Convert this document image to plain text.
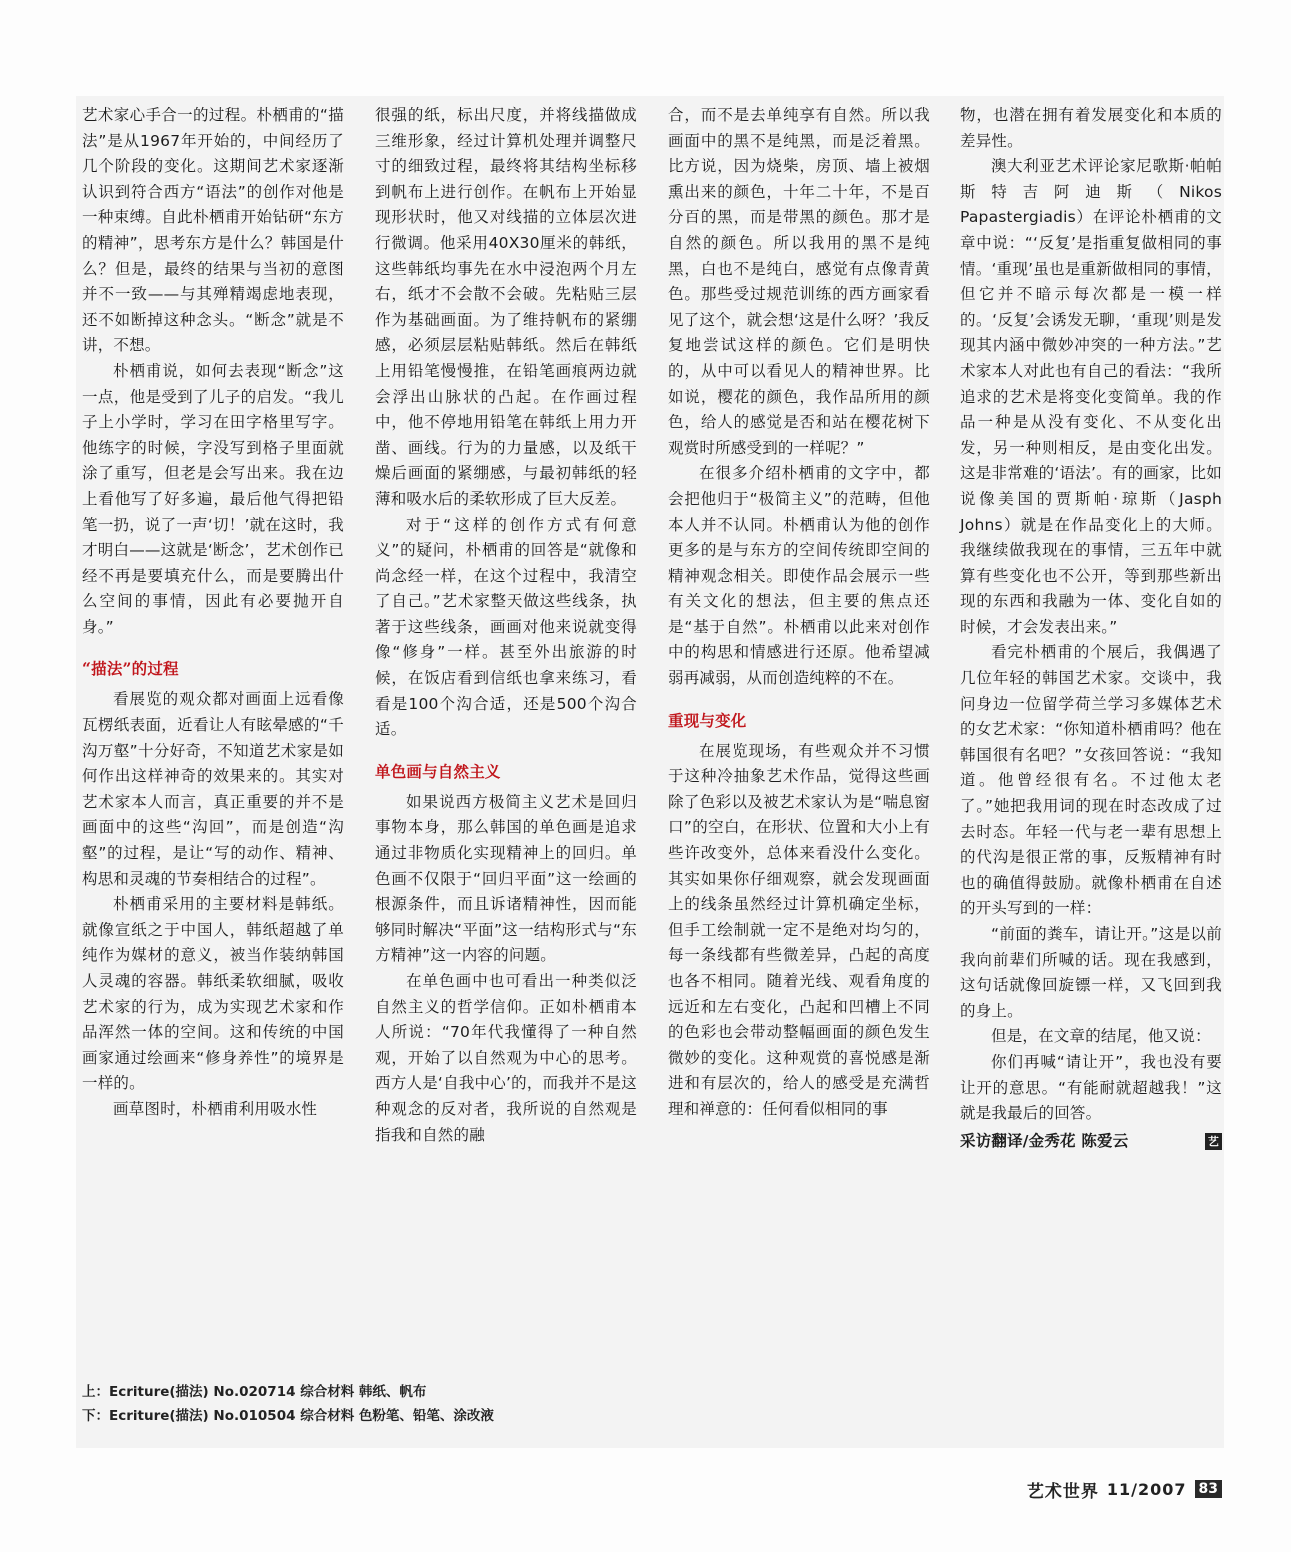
艺术家心手合一的过程。朴栖甫的“描法”是从1967年开始的，中间经历了几个阶段的变化。这期间艺术家逐渐认识到符合西方“语法”的创作对他是一种束缚。自此朴栖甫开始钻研“东方的精神”，思考东方是什么？韩国是什么？但是，最终的结果与当初的意图并不一致——与其殚精竭虑地表现，还不如断掉这种念头。“断念”就是不讲，不想。

朴栖甫说，如何去表现“断念”这一点，他是受到了儿子的启发。“我儿子上小学时，学习在田字格里写字。他练字的时候，字没写到格子里面就涂了重写，但老是会写出来。我在边上看他写了好多遍，最后他气得把铅笔一扔，说了一声‘切！’就在这时，我才明白——这就是‘断念’，艺术创作已经不再是要填充什么，而是要腾出什么空间的事情，因此有必要抛开自身。”

“描法”的过程

看展览的观众都对画面上远看像瓦楞纸表面，近看让人有眩晕感的“千沟万壑”十分好奇，不知道艺术家是如何作出这样神奇的效果来的。其实对艺术家本人而言，真正重要的并不是画面中的这些“沟回”，而是创造“沟壑”的过程，是让“写的动作、精神、构思和灵魂的节奏相结合的过程”。

朴栖甫采用的主要材料是韩纸。就像宣纸之于中国人，韩纸超越了单纯作为媒材的意义，被当作装纳韩国人灵魂的容器。韩纸柔软细腻，吸收艺术家的行为，成为实现艺术家和作品浑然一体的空间。这和传统的中国画家通过绘画来“修身养性”的境界是一样的。

画草图时，朴栖甫利用吸水性

很强的纸，标出尺度，并将线描做成三维形象，经过计算机处理并调整尺寸的细致过程，最终将其结构坐标移到帆布上进行创作。在帆布上开始显现形状时，他又对线描的立体层次进行微调。他采用40X30厘米的韩纸，这些韩纸均事先在水中浸泡两个月左右，纸才不会散不会破。先粘贴三层作为基础画面。为了维持帆布的紧绷感，必须层层粘贴韩纸。然后在韩纸上用铅笔慢慢推，在铅笔画痕两边就会浮出山脉状的凸起。在作画过程中，他不停地用铅笔在韩纸上用力开凿、画线。行为的力量感，以及纸干燥后画面的紧绷感，与最初韩纸的轻薄和吸水后的柔软形成了巨大反差。

对于“这样的创作方式有何意义”的疑问，朴栖甫的回答是“就像和尚念经一样，在这个过程中，我清空了自己。”艺术家整天做这些线条，执著于这些线条，画画对他来说就变得像“修身”一样。甚至外出旅游的时候，在饭店看到信纸也拿来练习，看看是100个沟合适，还是500个沟合适。

单色画与自然主义

如果说西方极简主义艺术是回归事物本身，那么韩国的单色画是追求通过非物质化实现精神上的回归。单色画不仅限于“回归平面”这一绘画的根源条件，而且诉诸精神性，因而能够同时解决“平面”这一结构形式与“东方精神”这一内容的问题。

在单色画中也可看出一种类似泛自然主义的哲学信仰。正如朴栖甫本人所说：“70年代我懂得了一种自然观，开始了以自然观为中心的思考。西方人是‘自我中心’的，而我并不是这种观念的反对者，我所说的自然观是指我和自然的融

合，而不是去单纯享有自然。所以我画面中的黑不是纯黑，而是泛着黑。比方说，因为烧柴，房顶、墙上被烟熏出来的颜色，十年二十年，不是百分百的黑，而是带黑的颜色。那才是自然的颜色。所以我用的黑不是纯黑，白也不是纯白，感觉有点像青黄色。那些受过规范训练的西方画家看见了这个，就会想‘这是什么呀？’我反复地尝试这样的颜色。它们是明快的，从中可以看见人的精神世界。比如说，樱花的颜色，我作品所用的颜色，给人的感觉是否和站在樱花树下观赏时所感受到的一样呢？”

在很多介绍朴栖甫的文字中，都会把他归于“极简主义”的范畴，但他本人并不认同。朴栖甫认为他的创作更多的是与东方的空间传统即空间的精神观念相关。即使作品会展示一些有关文化的想法，但主要的焦点还是“基于自然”。朴栖甫以此来对创作中的构思和情感进行还原。他希望减弱再减弱，从而创造纯粹的不在。

重现与变化

在展览现场，有些观众并不习惯于这种冷抽象艺术作品，觉得这些画除了色彩以及被艺术家认为是“喘息窗口”的空白，在形状、位置和大小上有些许改变外，总体来看没什么变化。其实如果你仔细观察，就会发现画面上的线条虽然经过计算机确定坐标，但手工绘制就一定不是绝对均匀的，每一条线都有些微差异，凸起的高度也各不相同。随着光线、观看角度的远近和左右变化，凸起和凹槽上不同的色彩也会带动整幅画面的颜色发生微妙的变化。这种观赏的喜悦感是渐进和有层次的，给人的感受是充满哲理和禅意的：任何看似相同的事

物，也潜在拥有着发展变化和本质的差异性。

澳大利亚艺术评论家尼歌斯·帕帕斯特吉阿迪斯（Nikos Papastergiadis）在评论朴栖甫的文章中说：“‘反复’是指重复做相同的事情。‘重现’虽也是重新做相同的事情，但它并不暗示每次都是一模一样的。‘反复’会诱发无聊，‘重现’则是发现其内涵中微妙冲突的一种方法。”艺术家本人对此也有自己的看法：“我所追求的艺术是将变化变简单。我的作品一种是从没有变化、不从变化出发，另一种则相反，是由变化出发。这是非常难的‘语法’。有的画家，比如说像美国的贾斯帕·琼斯（Jasph Johns）就是在作品变化上的大师。我继续做我现在的事情，三五年中就算有些变化也不公开，等到那些新出现的东西和我融为一体、变化自如的时候，才会发表出来。”

看完朴栖甫的个展后，我偶遇了几位年轻的韩国艺术家。交谈中，我问身边一位留学荷兰学习多媒体艺术的女艺术家：“你知道朴栖甫吗？他在韩国很有名吧？”女孩回答说：“我知道。他曾经很有名。不过他太老了。”她把我用词的现在时态改成了过去时态。年轻一代与老一辈有思想上的代沟是很正常的事，反叛精神有时也的确值得鼓励。就像朴栖甫在自述的开头写到的一样：

“前面的粪车，请让开。”这是以前我向前辈们所喊的话。现在我感到，这句话就像回旋镖一样，又飞回到我的身上。

但是，在文章的结尾，他又说：

你们再喊“请让开”，我也没有要让开的意思。“有能耐就超越我！”这就是我最后的回答。

采访翻译/金秀花 陈爱云	艺
上：Ecriture(描法) No.020714 综合材料 韩纸、帆布
下：Ecriture(描法) No.010504 综合材料 色粉笔、铅笔、涂改液
艺术世界 11/2007 83
